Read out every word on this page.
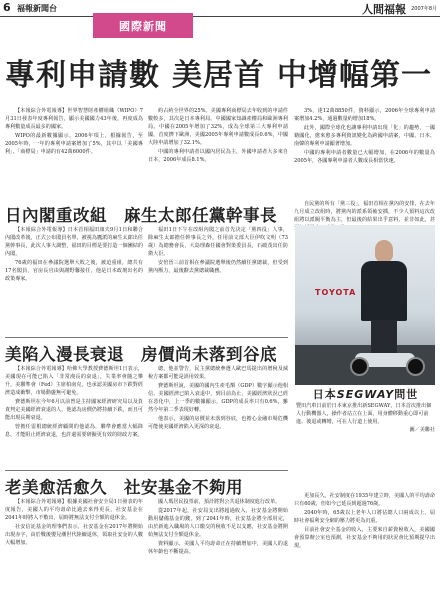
6 福報新聞台	人間福報 2007年8月
國際新聞
專利申請數 美居首 中增幅第一

【本報綜合外電報導】世界智慧財產權組織（WIPO）7月31日發表年度專利報告，顯示美國國力43年後，再度成為專利數量成長最多的國家。

WIPO的最新數據顯示，2006年項上，根據報告，至2005年時，一年的專利申請案增加了5%，其中以「美國專利」、「商標局」申請的有42萬6000件。

約占約全世界的25%。美國專利商標局去年收到的申請件數較多，其次是日本專利局、中國國家知識產權局和歐洲專利局。中國在2005年增加了32%，成為全球第三大專利申請國，首度擠下歐洲，美國2005年專利申請數成長0.6%，中國大陸申請增加了32.1%。

中國的專利申請者以國內居民為主，外國申請者大多來自日本，2006年成長8.1%。

3%，達12萬8850件，資料顯示，2006年全球專利申請案增加4.2%，通過數量約增加18%。

此外，國際全球化也讓專利申請出現「化」的趨勢，一國籍國化，愈來愈多專利資訊變化為跨國申請案，中國、日本、南韓的專利申請顯著增加。

中國的專利申請者數量已大幅增加，在2006年的數量為2005年，各國專利申請者人數成長相當快速。

日內閣重改組　麻生太郎任黨幹事長

【本報綜合外電報導】日本首相福田康夫9月1日和聯合內閣改革後，正式公布閣員名單，被視為鷹派的麻生太郎出任黨幹事長，此次人事大調整，福田的目標是要打造一個團結的內閣。

76歲的福田在參議院選舉大敗之後，被迫重組，總共有17名閣員，官房長官由與謝野馨接任，他是日本政壇出名的政策專家。

福田1日下午在改組內閣之前首先決定「黨四役」人事，除麻生太郎擔任幹事長之外，任用前文部大臣伊吹文明（73歲）為總務會長，大島理森任國會對策委員長，石破茂出任防衛大臣。

安倍晉三前首相在參議院選舉後仍然續任黨總裁，但受到黨內壓力，最後辭去黨總裁職務。

自民黨的所有「黨三役」，福田首相在黨內的安排，在去年九月成立改組時，將黨內的派系領袖安插，不少人預料這次改組將以派閥平衡為主，但最後的結果出乎意料，並非如此，甚

TOYOTA
日本SEGWAY問世
豐田汽車日前於日本東京推出新SEGWAY，日本首次推出個人行動機器人，操作者站立在上面，用身體移動重心即可前進、後退或轉彎，可在人行道上使用。
圖／美聯社
美陷入漫長衰退　房價尚未落到谷底

【本報綜合外電報導】哈佛大學教授費德斯坦1日表示，美國現在可能已陷入「非常漫長的衰退」，失業率會隨之攀升，美聯準會（Fed）主席柏南克，也承認美國房市下跌對經濟造成衝擊，市場動盪無可避免。

費德斯坦在今年6月以前曾是主持國家經濟研究局以及負責判定美國經濟衰退的人，他認為房價仍將持續下跌，而且可能出現長期衰退。

曾擔任雷根總統經濟顧問的他認為，聯準會應當大幅降息，才能阻止經濟衰退，也許還需要研擬更有效的財政方案。

總，他並警告，民主黨總統參選人歐巴馬提出的增稅及減稅方案都可能是誤用效果。

費德斯坦說，美國的國內生產毛額（GDP）數字顯示他相信，美國經濟已陷入衰退中，到目前為止，美國經濟狀況已經在惡化中，上一季的數據顯示，GDP的成長率只有0.6%，雖然今年第二季表現好轉。

他表示，美國的房價並未落到谷底，也擔心金融市場危機可能使美國經濟陷入更深的衰退。

老美愈活愈久　社安基金不夠用

【本報綜合外電報導】根據美國社會安全局1日發表的年度報告，美國人的平均壽命比過去來得更長，社安基金在2041年時將入不敷出，屆時將無法支付全額的退休金。

社安信託基金的理事們表示，社安基金在2017年將開始出現赤字，由於戰後嬰兒潮世代陸續退休，領取社安金的人數大幅增加。

國人瑪居民投票前，預計將對公共退休制度進行改革。

從2017年起，社安局支出將超過收入，社安基金將開始動用儲備基金的錢，到了2041年時，社安基金將全部用完，由於新進入職場的人口繳交的稅收不足以支應，社安基金將開始無法支付全額退休金。

資料顯示，美國人平均壽命正在持續增加中，美國人的退休年齡也不斷提高。

更加長久。社安制度在1935年建立時，美國人的平均壽命只有60歲，但如今已延長到超過76歲。

2040年時，65歲以上老年人口將佔總人口兩成以上，屆時社會福利安全網的壓力將更為沉重。

目前社會安全基金的收入，主要來自薪資稅收入，美國國會預算辦公室也預測，社安基金不夠用的狀況會比預期提早出現。
